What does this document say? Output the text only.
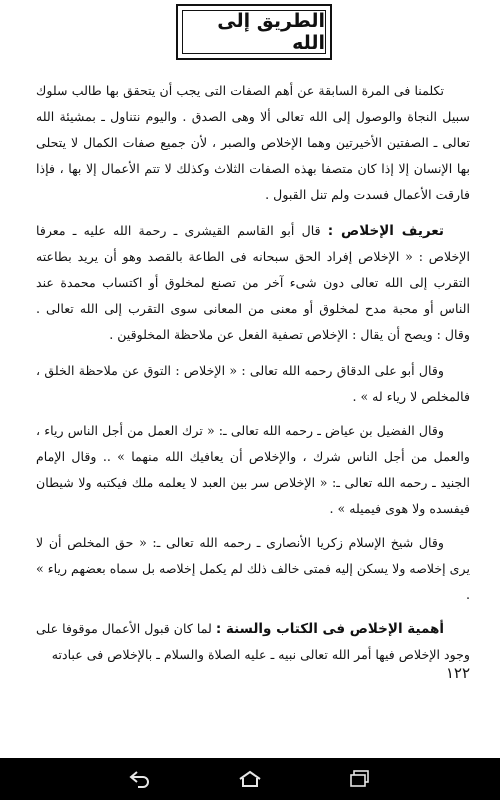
الطريق إلى الله

تكلمنا فى المرة السابقة عن أهم الصفات التى يجب أن يتحقق بها طالب سلوك سبيل النجاة والوصول إلى الله تعالى ألا وهى الصدق . واليوم نتناول ـ بمشيئة الله تعالى ـ الصفتين الأخيرتين وهما الإخلاص والصبر ، لأن جميع صفات الكمال لا يتحلى بها الإنسان إلا إذا كان متصفا بهذه الصفات الثلاث وكذلك لا تتم الأعمال إلا بها ، فإذا فارقت الأعمال فسدت ولم تنل القبول .

تعريف الإخلاص : قال أبو القاسم القيشرى ـ رحمة الله عليه ـ معرفا الإخلاص : « الإخلاص إفراد الحق سبحانه فى الطاعة بالقصد وهو أن يريد بطاعته التقرب إلى الله تعالى دون شىء آخر من تصنع لمخلوق أو اكتساب محمدة عند الناس أو محبة مدح لمخلوق أو معنى من المعانى سوى التقرب إلى الله تعالى . وقال : ويصح أن يقال : الإخلاص تصفية الفعل عن ملاحظة المخلوقين .

وقال أبو على الدقاق رحمه الله تعالى : « الإخلاص : التوق عن ملاحظة الخلق ، فالمخلص لا رياء له » .

وقال الفضيل بن عياض ـ رحمه الله تعالى ـ: « ترك العمل من أجل الناس رياء ، والعمل من أجل الناس شرك ، والإخلاص أن يعافيك الله منهما » .. وقال الإمام الجنيد ـ رحمه الله تعالى ـ: « الإخلاص سر بين العبد لا يعلمه ملك فيكتبه ولا شيطان فيفسده ولا هوى فيميله » .

وقال شيخ الإسلام زكريا الأنصارى ـ رحمه الله تعالى ـ: « حق المخلص أن لا يرى إخلاصه ولا يسكن إليه فمتى خالف ذلك لم يكمل إخلاصه بل سماه بعضهم رياء » .

أهمية الإخلاص فى الكتاب والسنة : لما كان قبول الأعمال موقوفا على وجود الإخلاص فيها أمر الله تعالى نبيه ـ عليه الصلاة والسلام ـ بالإخلاص فى عبادته

١٢٢
